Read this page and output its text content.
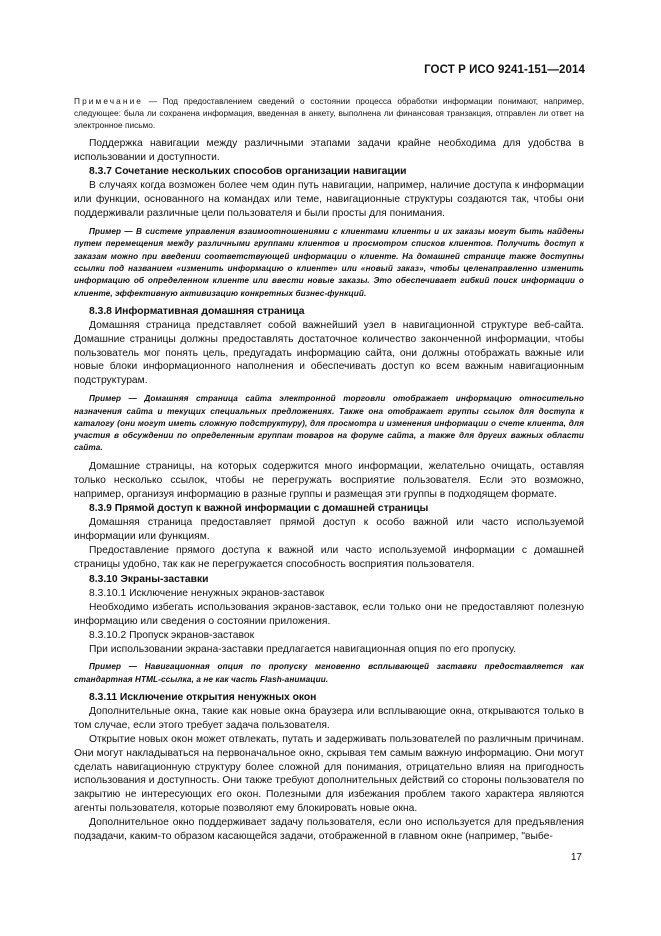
ГОСТ Р ИСО 9241-151—2014

Примечание — Под предоставлением сведений о состоянии процесса обработки информации понимают, например, следующее: была ли сохранена информация, введенная в анкету, выполнена ли финансовая транзакция, отправлен ли ответ на электронное письмо.

Поддержка навигации между различными этапами задачи крайне необходима для удобства в использовании и доступности.

8.3.7 Сочетание нескольких способов организации навигации

В случаях когда возможен более чем один путь навигации, например, наличие доступа к информации или функции, основанного на командах или теме, навигационные структуры создаются так, чтобы они поддерживали различные цели пользователя и были просты для понимания.

Пример — В системе управления взаимоотношениями с клиентами клиенты и их заказы могут быть найдены путем перемещения между различными группами клиентов и просмотром списков клиентов. Получить доступ к заказам можно при введении соответствующей информации о клиенте. На домашней странице также доступны ссылки под названием «изменить информацию о клиенте» или «новый заказ», чтобы целенаправленно изменить информацию об определенном клиенте или ввести новые заказы. Это обеспечивает гибкий поиск информации о клиенте, эффективную активизацию конкретных бизнес-функций.

8.3.8 Информативная домашняя страница

Домашняя страница представляет собой важнейший узел в навигационной структуре веб-сайта. Домашние страницы должны предоставлять достаточное количество законченной информации, чтобы пользователь мог понять цель, предугадать информацию сайта, они должны отображать важные или новые блоки информационного наполнения и обеспечивать доступ ко всем важным навигационным подструктурам.

Пример — Домашняя страница сайта электронной торговли отображает информацию относительно назначения сайта и текущих специальных предложениях. Также она отображает группы ссылок для доступа к каталогу (они могут иметь сложную подструктуру), для просмотра и изменения информации о счете клиента, для участия в обсуждении по определенным группам товаров на форуме сайта, а также для других важных области сайта.

Домашние страницы, на которых содержится много информации, желательно очищать, оставляя только несколько ссылок, чтобы не перегружать восприятие пользователя. Если это возможно, например, организуя информацию в разные группы и размещая эти группы в подходящем формате.

8.3.9 Прямой доступ к важной информации с домашней страницы

Домашняя страница предоставляет прямой доступ к особо важной или часто используемой информации или функциям.

Предоставление прямого доступа к важной или часто используемой информации с домашней страницы удобно, так как не перегружается способность восприятия пользователя.

8.3.10 Экраны-заставки

8.3.10.1 Исключение ненужных экранов-заставок

Необходимо избегать использования экранов-заставок, если только они не предоставляют полезную информацию или сведения о состоянии приложения.

8.3.10.2 Пропуск экранов-заставок

При использовании экрана-заставки предлагается навигационная опция по его пропуску.

Пример — Навигационная опция по пропуску мгновенно всплывающей заставки предоставляется как стандартная HTML-ссылка, а не как часть Flash-анимации.

8.3.11 Исключение открытия ненужных окон

Дополнительные окна, такие как новые окна браузера или всплывающие окна, открываются только в том случае, если этого требует задача пользователя.

Открытие новых окон может отвлекать, путать и задерживать пользователей по различным причинам. Они могут накладываться на первоначальное окно, скрывая тем самым важную информацию. Они могут сделать навигационную структуру более сложной для понимания, отрицательно влияя на пригодность использования и доступность. Они также требуют дополнительных действий со стороны пользователя по закрытию не интересующих его окон. Полезными для избежания проблем такого характера являются агенты пользователя, которые позволяют ему блокировать новые окна.

Дополнительное окно поддерживает задачу пользователя, если оно используется для предъявления подзадачи, каким-то образом касающейся задачи, отображенной в главном окне (например, "выбе-

17
